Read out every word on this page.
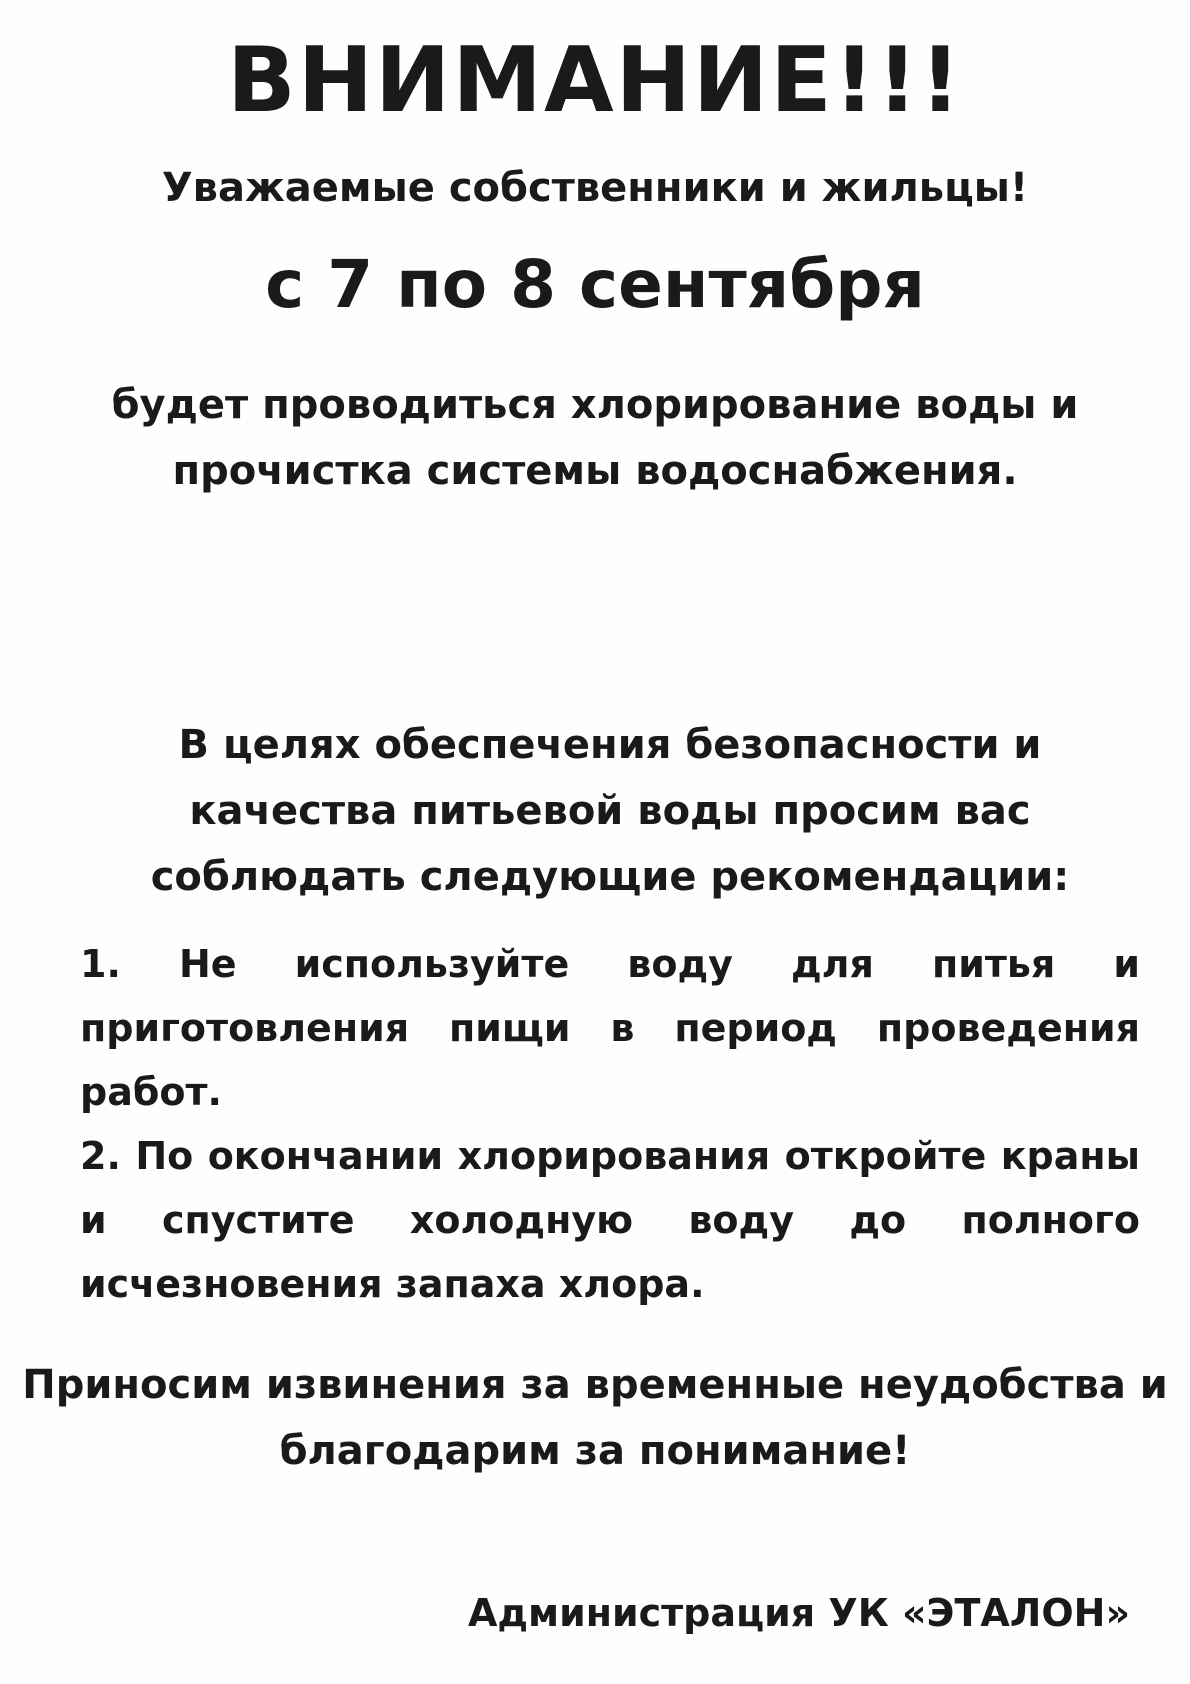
ВНИМАНИЕ!!!
Уважаемые собственники и жильцы!
с 7 по 8 сентября
будет проводиться хлорирование воды и прочистка системы водоснабжения.
В целях обеспечения безопасности и качества питьевой воды просим вас соблюдать следующие рекомендации:
1. Не используйте воду для питья и приготовления пищи в период проведения работ.
2. По окончании хлорирования откройте краны и спустите холодную воду до полного исчезновения запаха хлора.
Приносим извинения за временные неудобства и благодарим за понимание!
Администрация УК «ЭТАЛОН»
